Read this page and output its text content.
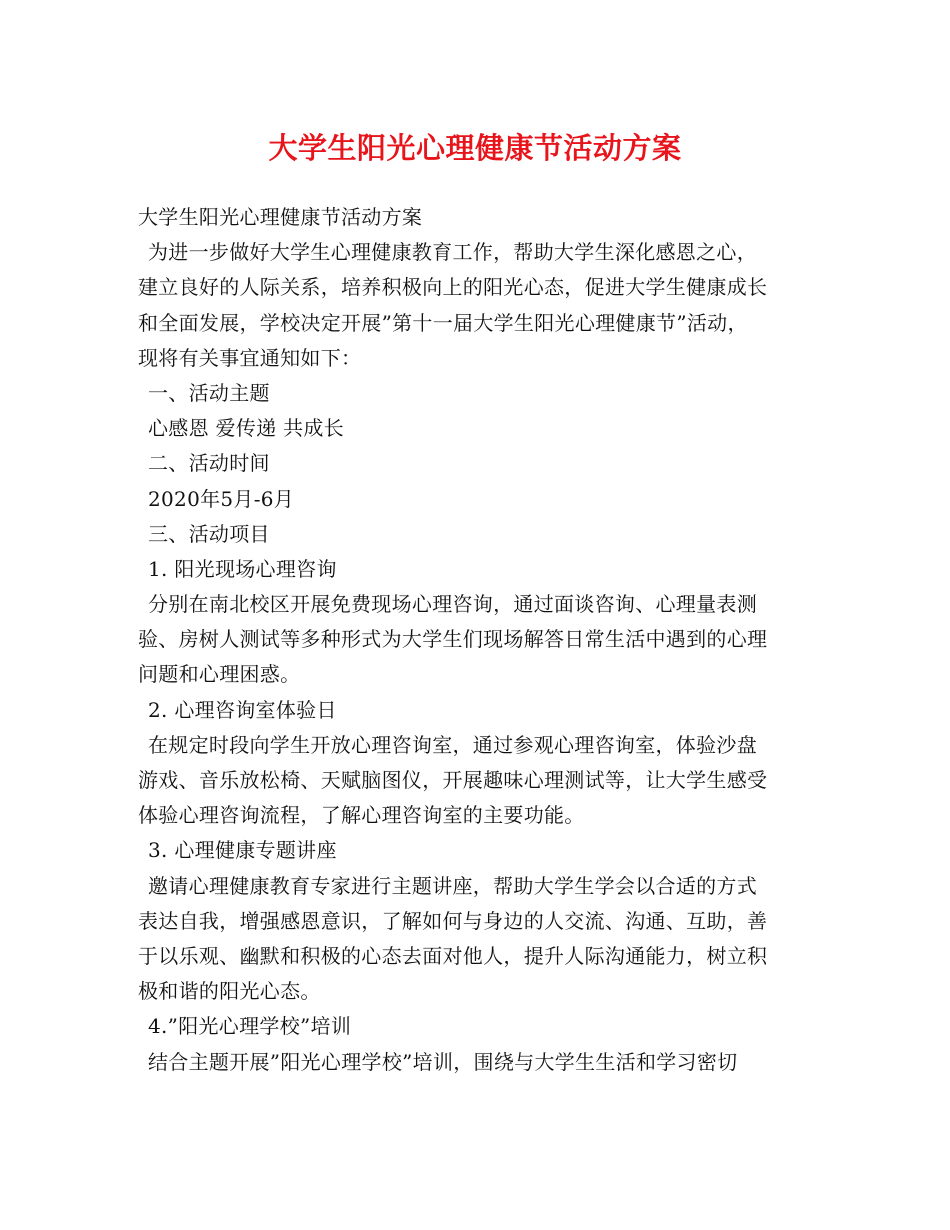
大学生阳光心理健康节活动方案
大学生阳光心理健康节活动方案
为进一步做好大学生心理健康教育工作，帮助大学生深化感恩之心，
建立良好的人际关系，培养积极向上的阳光心态，促进大学生健康成长
和全面发展，学校决定开展”第十一届大学生阳光心理健康节”活动，
现将有关事宜通知如下：
一、活动主题
心感恩 爱传递 共成长
二、活动时间
2020年5月-6月
三、活动项目
1. 阳光现场心理咨询
分别在南北校区开展免费现场心理咨询，通过面谈咨询、心理量表测
验、房树人测试等多种形式为大学生们现场解答日常生活中遇到的心理
问题和心理困惑。
2. 心理咨询室体验日
在规定时段向学生开放心理咨询室，通过参观心理咨询室，体验沙盘
游戏、音乐放松椅、天赋脑图仪，开展趣味心理测试等，让大学生感受
体验心理咨询流程，了解心理咨询室的主要功能。
3. 心理健康专题讲座
邀请心理健康教育专家进行主题讲座，帮助大学生学会以合适的方式
表达自我，增强感恩意识，了解如何与身边的人交流、沟通、互助，善
于以乐观、幽默和积极的心态去面对他人，提升人际沟通能力，树立积
极和谐的阳光心态。
4.”阳光心理学校”培训
结合主题开展”阳光心理学校”培训，围绕与大学生生活和学习密切
